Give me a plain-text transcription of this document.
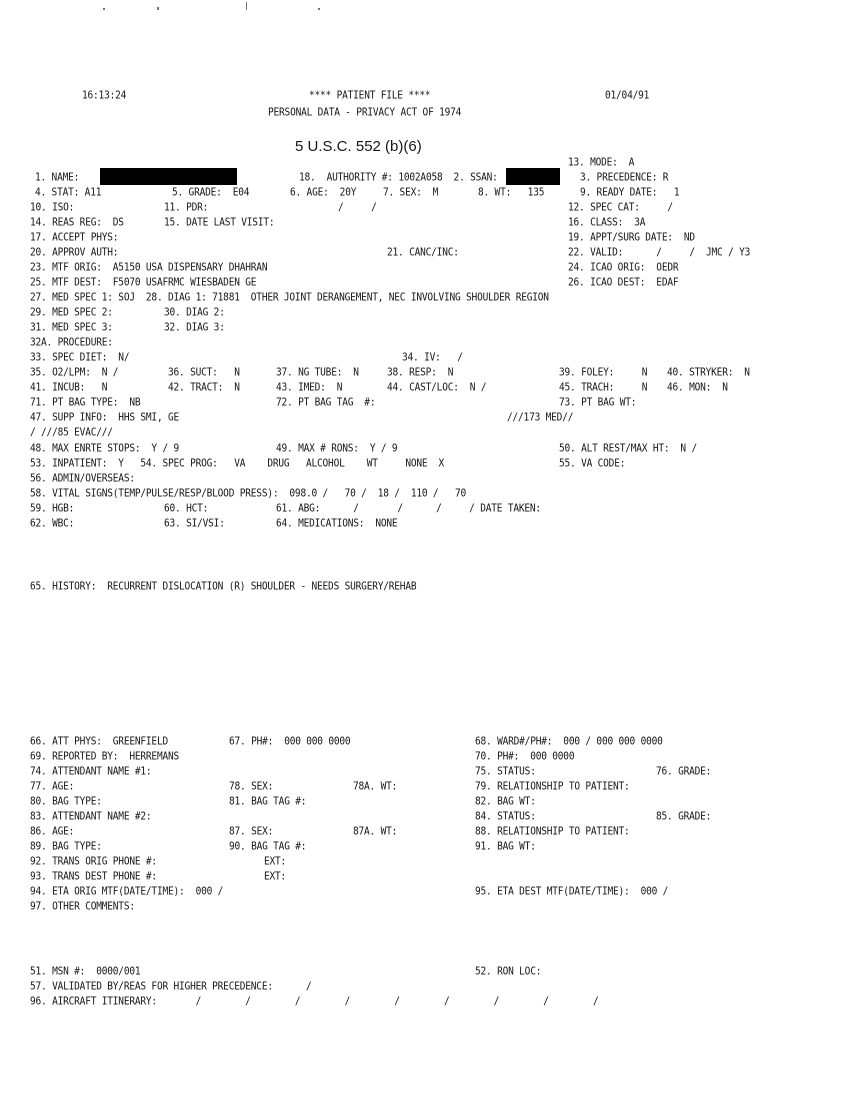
16:13:24	**** PATIENT FILE ****	01/04/91
PERSONAL DATA - PRIVACY ACT OF 1974
5 U.S.C. 552 (b)(6)
13. MODE:  A
1. NAME:	18.  AUTHORITY #: 1002A058  2. SSAN:	3. PRECEDENCE: R
4. STAT: A11	5. GRADE:  E04	6. AGE:  20Y	7. SEX:  M	8. WT:   135	9. READY DATE:   1
10. ISO:	11. PDR:	/     /	12. SPEC CAT:     /
14. REAS REG:  DS	15. DATE LAST VISIT:	16. CLASS:  3A
17. ACCEPT PHYS:	19. APPT/SURG DATE:  ND
20. APPROV AUTH:	21. CANC/INC:	22. VALID:      /     /  JMC / Y3
23. MTF ORIG:  A5150 USA DISPENSARY DHAHRAN	24. ICAO ORIG:  OEDR
25. MTF DEST:  F5070 USAFRMC WIESBADEN GE	26. ICAO DEST:  EDAF
27. MED SPEC 1: SOJ  28. DIAG 1: 71881  OTHER JOINT DERANGEMENT, NEC INVOLVING SHOULDER REGION
29. MED SPEC 2:	30. DIAG 2:
31. MED SPEC 3:	32. DIAG 3:
32A. PROCEDURE:
33. SPEC DIET:  N/	34. IV:   /
35. O2/LPM:  N /	36. SUCT:   N	37. NG TUBE:  N	38. RESP:  N	39. FOLEY:     N 40. STRYKER:  N
41. INCUB:   N	42. TRACT:  N	43. IMED:  N	44. CAST/LOC:  N /	45. TRACH:     N 46. MON:  N
71. PT BAG TYPE:  NB	72. PT BAG TAG  #:	73. PT BAG WT:
47. SUPP INFO:  HHS SMI, GE	///173 MED//
/ ///85 EVAC///
48. MAX ENRTE STOPS:  Y / 9	49. MAX # RONS:  Y / 9	50. ALT REST/MAX HT:  N /
53. INPATIENT:  Y   54. SPEC PROG:   VA    DRUG   ALCOHOL    WT     NONE  X	55. VA CODE:
56. ADMIN/OVERSEAS:
58. VITAL SIGNS(TEMP/PULSE/RESP/BLOOD PRESS):  098.0 /   70 /  18 /  110 /   70
59. HGB:	60. HCT:	61. ABG:      /       /      /     / DATE TAKEN:
62. WBC:	63. SI/VSI:	64. MEDICATIONS:  NONE
65. HISTORY:  RECURRENT DISLOCATION (R) SHOULDER - NEEDS SURGERY/REHAB
66. ATT PHYS:  GREENFIELD	67. PH#:  000 000 0000	68. WARD#/PH#:  000 / 000 000 0000
69. REPORTED BY:  HERREMANS	70. PH#:  000 0000
74. ATTENDANT NAME #1:	75. STATUS:	76. GRADE:
77. AGE:	78. SEX:	78A. WT:	79. RELATIONSHIP TO PATIENT:
80. BAG TYPE:	81. BAG TAG #:	82. BAG WT:
83. ATTENDANT NAME #2:	84. STATUS:	85. GRADE:
86. AGE:	87. SEX:	87A. WT:	88. RELATIONSHIP TO PATIENT:
89. BAG TYPE:	90. BAG TAG #:	91. BAG WT:
92. TRANS ORIG PHONE #:	EXT:
93. TRANS DEST PHONE #:	EXT:
94. ETA ORIG MTF(DATE/TIME):  000 /	95. ETA DEST MTF(DATE/TIME):  000 /
97. OTHER COMMENTS:
51. MSN #:  0000/001	52. RON LOC:
57. VALIDATED BY/REAS FOR HIGHER PRECEDENCE:      /
96. AIRCRAFT ITINERARY:       /        /        /        /        /        /        /        /        /
